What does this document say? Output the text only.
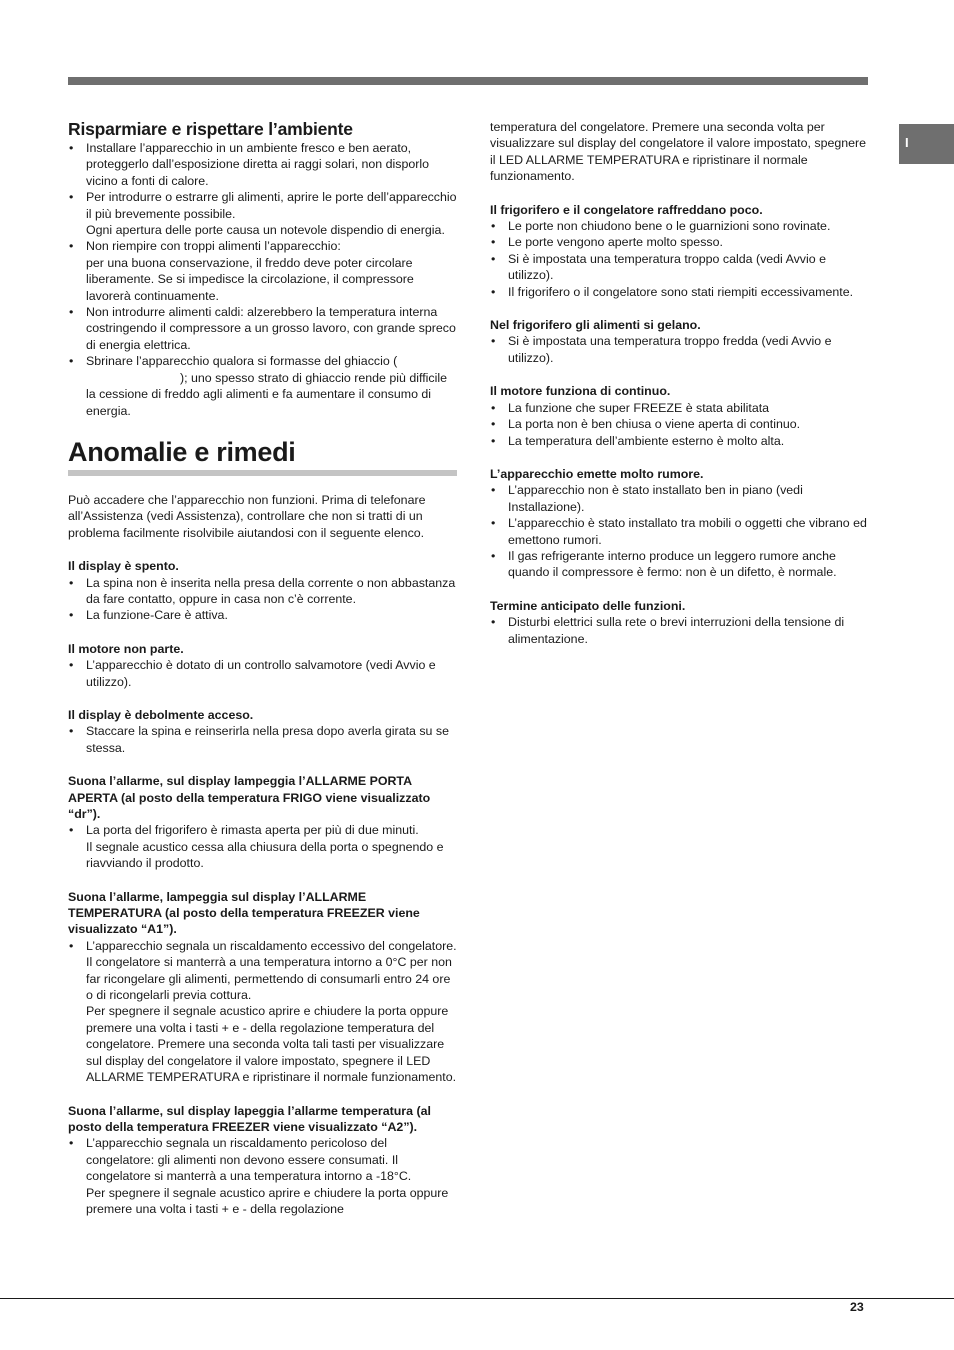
I
Risparmiare e rispettare l’ambiente
• Installare l’apparecchio in un ambiente fresco e ben aerato, proteggerlo dall’esposizione diretta ai raggi solari, non disporlo vicino a fonti di calore.
• Per introdurre o estrarre gli alimenti, aprire le porte dell’apparecchio il più brevemente possibile.
Ogni apertura delle porte causa un notevole dispendio di energia.
• Non riempire con troppi alimenti l’apparecchio:
per una buona conservazione, il freddo deve poter circolare liberamente. Se si impedisce la circolazione, il compressore lavorerà continuamente.
• Non introdurre alimenti caldi: alzerebbero la temperatura interna costringendo il compressore a un grosso lavoro, con grande spreco di energia elettrica.
• Sbrinare l’apparecchio qualora si formasse del ghiaccio (
); uno spesso strato di ghiaccio rende più difficile la cessione di freddo agli alimenti e fa aumentare il consumo di energia.
Anomalie e rimedi

Può accadere che l’apparecchio non funzioni. Prima di telefonare all’Assistenza (vedi Assistenza), controllare che non si tratti di un problema facilmente risolvibile aiutandosi con il seguente elenco.

Il display è spento.

• La spina non è inserita nella presa della corrente o non abbastanza da fare contatto, oppure in casa non c’è corrente.
• La funzione-Care è attiva.

Il motore non parte.

• L’apparecchio è dotato di un controllo salvamotore (vedi Avvio e utilizzo).

Il display è debolmente acceso.

• Staccare la spina e reinserirla nella presa dopo averla girata su se stessa.

Suona l’allarme, sul display lampeggia l’ALLARME PORTA APERTA (al posto della temperatura FRIGO viene visualizzato “dr”).

• La porta del frigorifero è rimasta aperta per più di due minuti.
Il segnale acustico cessa alla chiusura della porta o spegnendo e riavviando il prodotto.

Suona l’allarme, lampeggia sul display l’ALLARME TEMPERATURA (al posto della temperatura FREEZER viene visualizzato “A1”).

• L’apparecchio segnala un riscaldamento eccessivo del congelatore.
Il congelatore si manterrà a una temperatura intorno a 0°C per non far ricongelare gli alimenti, permettendo di consumarli entro 24 ore o di ricongelarli previa cottura.
Per spegnere il segnale acustico aprire e chiudere la porta oppure premere una volta i tasti + e - della regolazione temperatura del congelatore. Premere una seconda volta tali tasti per visualizzare sul display del congelatore il valore impostato, spegnere il LED ALLARME TEMPERATURA e ripristinare il normale funzionamento.

Suona l’allarme, sul display lapeggia l’allarme temperatura (al posto della temperatura FREEZER viene visualizzato “A2”).

• L’apparecchio segnala un riscaldamento pericoloso del congelatore: gli alimenti non devono essere consumati. Il congelatore si manterrà a una temperatura intorno a -18°C.
Per spegnere il segnale acustico aprire e chiudere la porta oppure premere una volta i tasti + e - della regolazione

temperatura del congelatore. Premere una seconda volta per visualizzare sul display del congelatore il valore impostato, spegnere il LED ALLARME TEMPERATURA e ripristinare il normale funzionamento.

Il frigorifero e il congelatore raffreddano poco.

• Le porte non chiudono bene o le guarnizioni sono rovinate.
• Le porte vengono aperte molto spesso.
• Si è impostata una temperatura troppo calda (vedi Avvio e utilizzo).
• Il frigorifero o il congelatore sono stati riempiti eccessivamente.

Nel frigorifero gli alimenti si gelano.

• Si è impostata una temperatura troppo fredda (vedi Avvio e utilizzo).

Il motore funziona di continuo.

• La funzione che super FREEZE è stata abilitata
• La porta non è ben chiusa o viene aperta di continuo.
• La temperatura dell’ambiente esterno è molto alta.

L’apparecchio emette molto rumore.

• L’apparecchio non è stato installato ben in piano (vedi Installazione).
• L’apparecchio è stato installato tra mobili o oggetti che vibrano ed emettono rumori.
• Il gas refrigerante interno produce un leggero rumore anche quando il compressore è fermo: non è un difetto, è normale.

Termine anticipato delle funzioni.

• Disturbi elettrici sulla rete o brevi interruzioni della tensione di alimentazione.
23
